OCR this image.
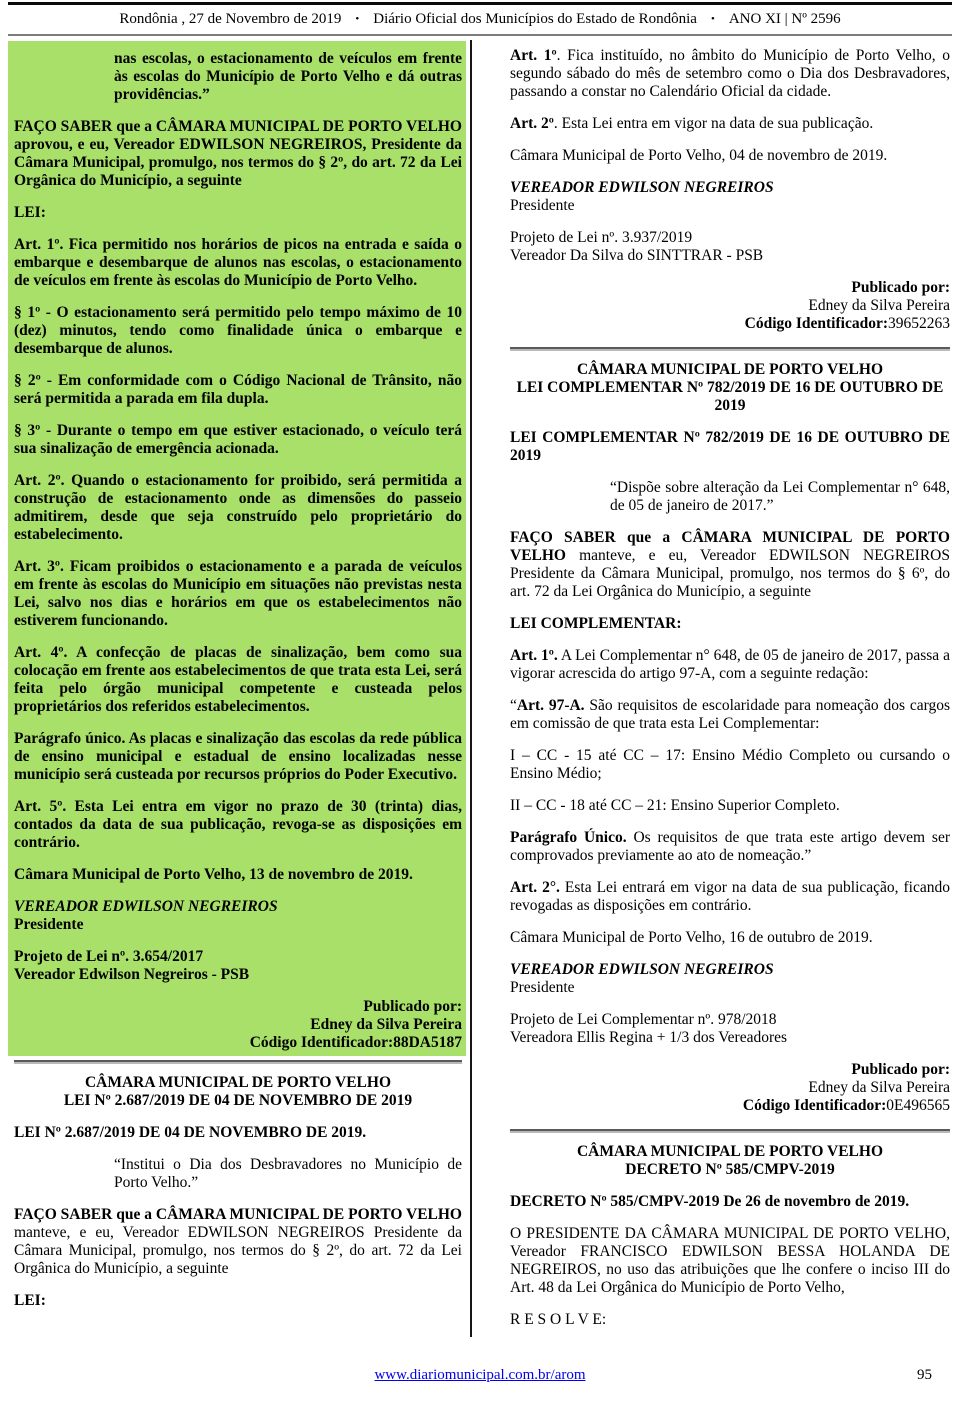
Rondônia , 27 de Novembro de 2019 • Diário Oficial dos Municípios do Estado de Rondônia • ANO XI | Nº 2596

nas escolas, o estacionamento de veículos em frente às escolas do Município de Porto Velho e dá outras providências.”

FAÇO SABER que a CÂMARA MUNICIPAL DE PORTO VELHO aprovou, e eu, Vereador EDWILSON NEGREIROS, Presidente da Câmara Municipal, promulgo, nos termos do § 2º, do art. 72 da Lei Orgânica do Município, a seguinte

LEI:

Art. 1º. Fica permitido nos horários de picos na entrada e saída o embarque e desembarque de alunos nas escolas, o estacionamento de veículos em frente às escolas do Município de Porto Velho.

§ 1º - O estacionamento será permitido pelo tempo máximo de 10 (dez) minutos, tendo como finalidade única o embarque e desembarque de alunos.

§ 2º - Em conformidade com o Código Nacional de Trânsito, não será permitida a parada em fila dupla.

§ 3º - Durante o tempo em que estiver estacionado, o veículo terá sua sinalização de emergência acionada.

Art. 2º. Quando o estacionamento for proibido, será permitida a construção de estacionamento onde as dimensões do passeio admitirem, desde que seja construído pelo proprietário do estabelecimento.

Art. 3º. Ficam proibidos o estacionamento e a parada de veículos em frente às escolas do Município em situações não previstas nesta Lei, salvo nos dias e horários em que os estabelecimentos não estiverem funcionando.

Art. 4º. A confecção de placas de sinalização, bem como sua colocação em frente aos estabelecimentos de que trata esta Lei, será feita pelo órgão municipal competente e custeada pelos proprietários dos referidos estabelecimentos.

Parágrafo único. As placas e sinalização das escolas da rede pública de ensino municipal e estadual de ensino localizadas nesse município será custeada por recursos próprios do Poder Executivo.

Art. 5º. Esta Lei entra em vigor no prazo de 30 (trinta) dias, contados da data de sua publicação, revoga-se as disposições em contrário.

Câmara Municipal de Porto Velho, 13 de novembro de 2019.

VEREADOR EDWILSON NEGREIROS
Presidente

Projeto de Lei nº. 3.654/2017
Vereador Edwilson Negreiros - PSB

Publicado por:
Edney da Silva Pereira
Código Identificador:88DA5187

CÂMARA MUNICIPAL DE PORTO VELHO
LEI Nº 2.687/2019 DE 04 DE NOVEMBRO DE 2019

LEI Nº 2.687/2019 DE 04 DE NOVEMBRO DE 2019.

“Institui o Dia dos Desbravadores no Município de Porto Velho.”

FAÇO SABER que a CÂMARA MUNICIPAL DE PORTO VELHO manteve, e eu, Vereador EDWILSON NEGREIROS Presidente da Câmara Municipal, promulgo, nos termos do § 2º, do art. 72 da Lei Orgânica do Município, a seguinte

LEI:

Art. 1º. Fica instituído, no âmbito do Município de Porto Velho, o segundo sábado do mês de setembro como o Dia dos Desbravadores, passando a constar no Calendário Oficial da cidade.

Art. 2º. Esta Lei entra em vigor na data de sua publicação.

Câmara Municipal de Porto Velho, 04 de novembro de 2019.

VEREADOR EDWILSON NEGREIROS
Presidente

Projeto de Lei nº. 3.937/2019
Vereador Da Silva do SINTTRAR - PSB

Publicado por:
Edney da Silva Pereira
Código Identificador:39652263

CÂMARA MUNICIPAL DE PORTO VELHO
LEI COMPLEMENTAR Nº 782/2019 DE 16 DE OUTUBRO DE 2019

LEI COMPLEMENTAR Nº 782/2019 DE 16 DE OUTUBRO DE 2019

“Dispõe sobre alteração da Lei Complementar n° 648, de 05 de janeiro de 2017.”

FAÇO SABER que a CÂMARA MUNICIPAL DE PORTO VELHO manteve, e eu, Vereador EDWILSON NEGREIROS Presidente da Câmara Municipal, promulgo, nos termos do § 6º, do art. 72 da Lei Orgânica do Município, a seguinte

LEI COMPLEMENTAR:

Art. 1º. A Lei Complementar n° 648, de 05 de janeiro de 2017, passa a vigorar acrescida do artigo 97-A, com a seguinte redação:

“Art. 97-A. São requisitos de escolaridade para nomeação dos cargos em comissão de que trata esta Lei Complementar:

I – CC - 15 até CC – 17: Ensino Médio Completo ou cursando o Ensino Médio;

II – CC - 18 até CC – 21: Ensino Superior Completo.

Parágrafo Único. Os requisitos de que trata este artigo devem ser comprovados previamente ao ato de nomeação.”

Art. 2°. Esta Lei entrará em vigor na data de sua publicação, ficando revogadas as disposições em contrário.

Câmara Municipal de Porto Velho, 16 de outubro de 2019.

VEREADOR EDWILSON NEGREIROS
Presidente

Projeto de Lei Complementar nº. 978/2018
Vereadora Ellis Regina + 1/3 dos Vereadores

Publicado por:
Edney da Silva Pereira
Código Identificador:0E496565

CÂMARA MUNICIPAL DE PORTO VELHO
DECRETO Nº 585/CMPV-2019

DECRETO Nº 585/CMPV-2019 De 26 de novembro de 2019.

O PRESIDENTE DA CÂMARA MUNICIPAL DE PORTO VELHO, Vereador FRANCISCO EDWILSON BESSA HOLANDA DE NEGREIROS, no uso das atribuições que lhe confere o inciso III do Art. 48 da Lei Orgânica do Município de Porto Velho,

R E S O L V E:

www.diariomunicipal.com.br/arom	95
